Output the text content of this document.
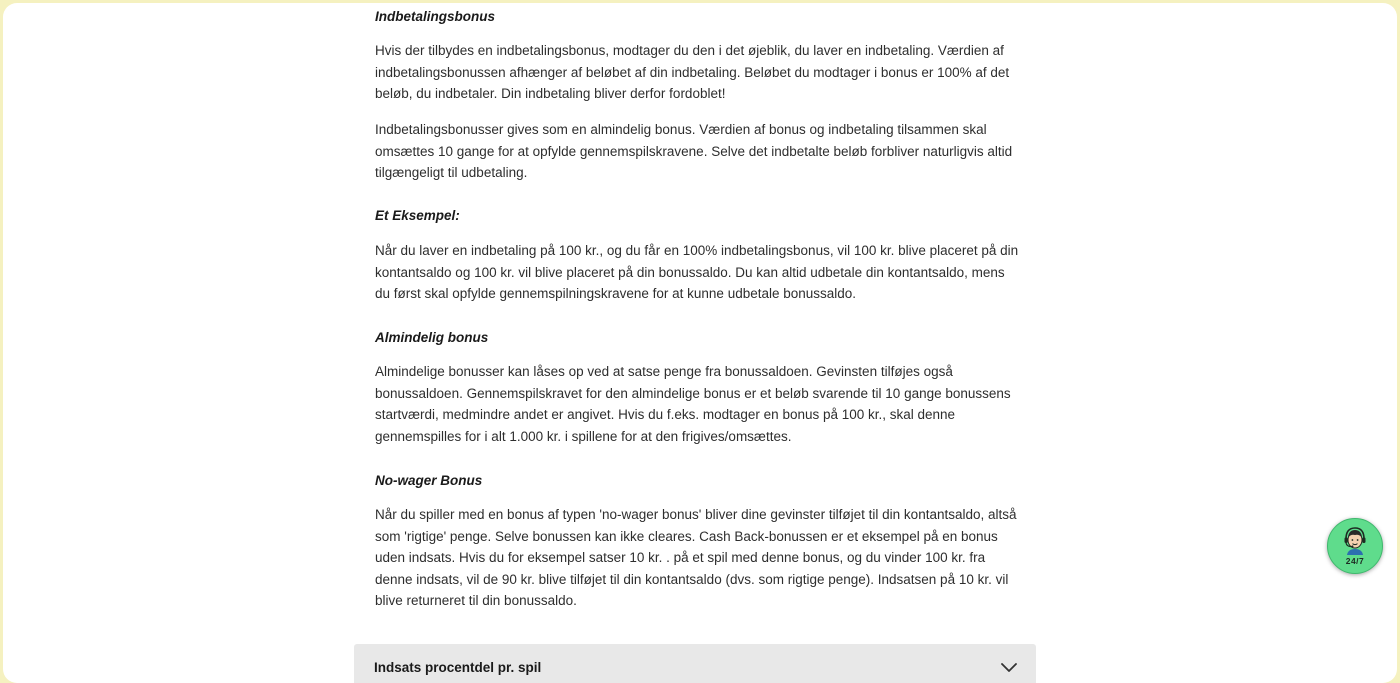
Indbetalingsbonus

Hvis der tilbydes en indbetalingsbonus, modtager du den i det øjeblik, du laver en indbetaling. Værdien af indbetalingsbonussen afhænger af beløbet af din indbetaling. Beløbet du modtager i bonus er 100% af det beløb, du indbetaler. Din indbetaling bliver derfor fordoblet!

Indbetalingsbonusser gives som en almindelig bonus. Værdien af bonus og indbetaling tilsammen skal omsættes 10 gange for at opfylde gennemspilskravene. Selve det indbetalte beløb forbliver naturligvis altid tilgængeligt til udbetaling.

Et Eksempel:

Når du laver en indbetaling på 100 kr., og du får en 100% indbetalingsbonus, vil 100 kr. blive placeret på din kontantsaldo og 100 kr. vil blive placeret på din bonussaldo. Du kan altid udbetale din kontantsaldo, mens du først skal opfylde gennemspilningskravene for at kunne udbetale bonussaldo.

Almindelig bonus

Almindelige bonusser kan låses op ved at satse penge fra bonussaldoen. Gevinsten tilføjes også bonussaldoen. Gennemspilskravet for den almindelige bonus er et beløb svarende til 10 gange bonussens startværdi, medmindre andet er angivet. Hvis du f.eks. modtager en bonus på 100 kr., skal denne gennemspilles for i alt 1.000 kr. i spillene for at den frigives/omsættes.

No-wager Bonus

Når du spiller med en bonus af typen 'no-wager bonus' bliver dine gevinster tilføjet til din kontantsaldo, altså som 'rigtige' penge. Selve bonussen kan ikke cleares. Cash Back-bonussen er et eksempel på en bonus uden indsats. Hvis du for eksempel satser 10 kr. . på et spil med denne bonus, og du vinder 100 kr. fra denne indsats, vil de 90 kr. blive tilføjet til din kontantsaldo (dvs. som rigtige penge). Indsatsen på 10 kr. vil blive returneret til din bonussaldo.

Indsats procentdel pr. spil
24/7
